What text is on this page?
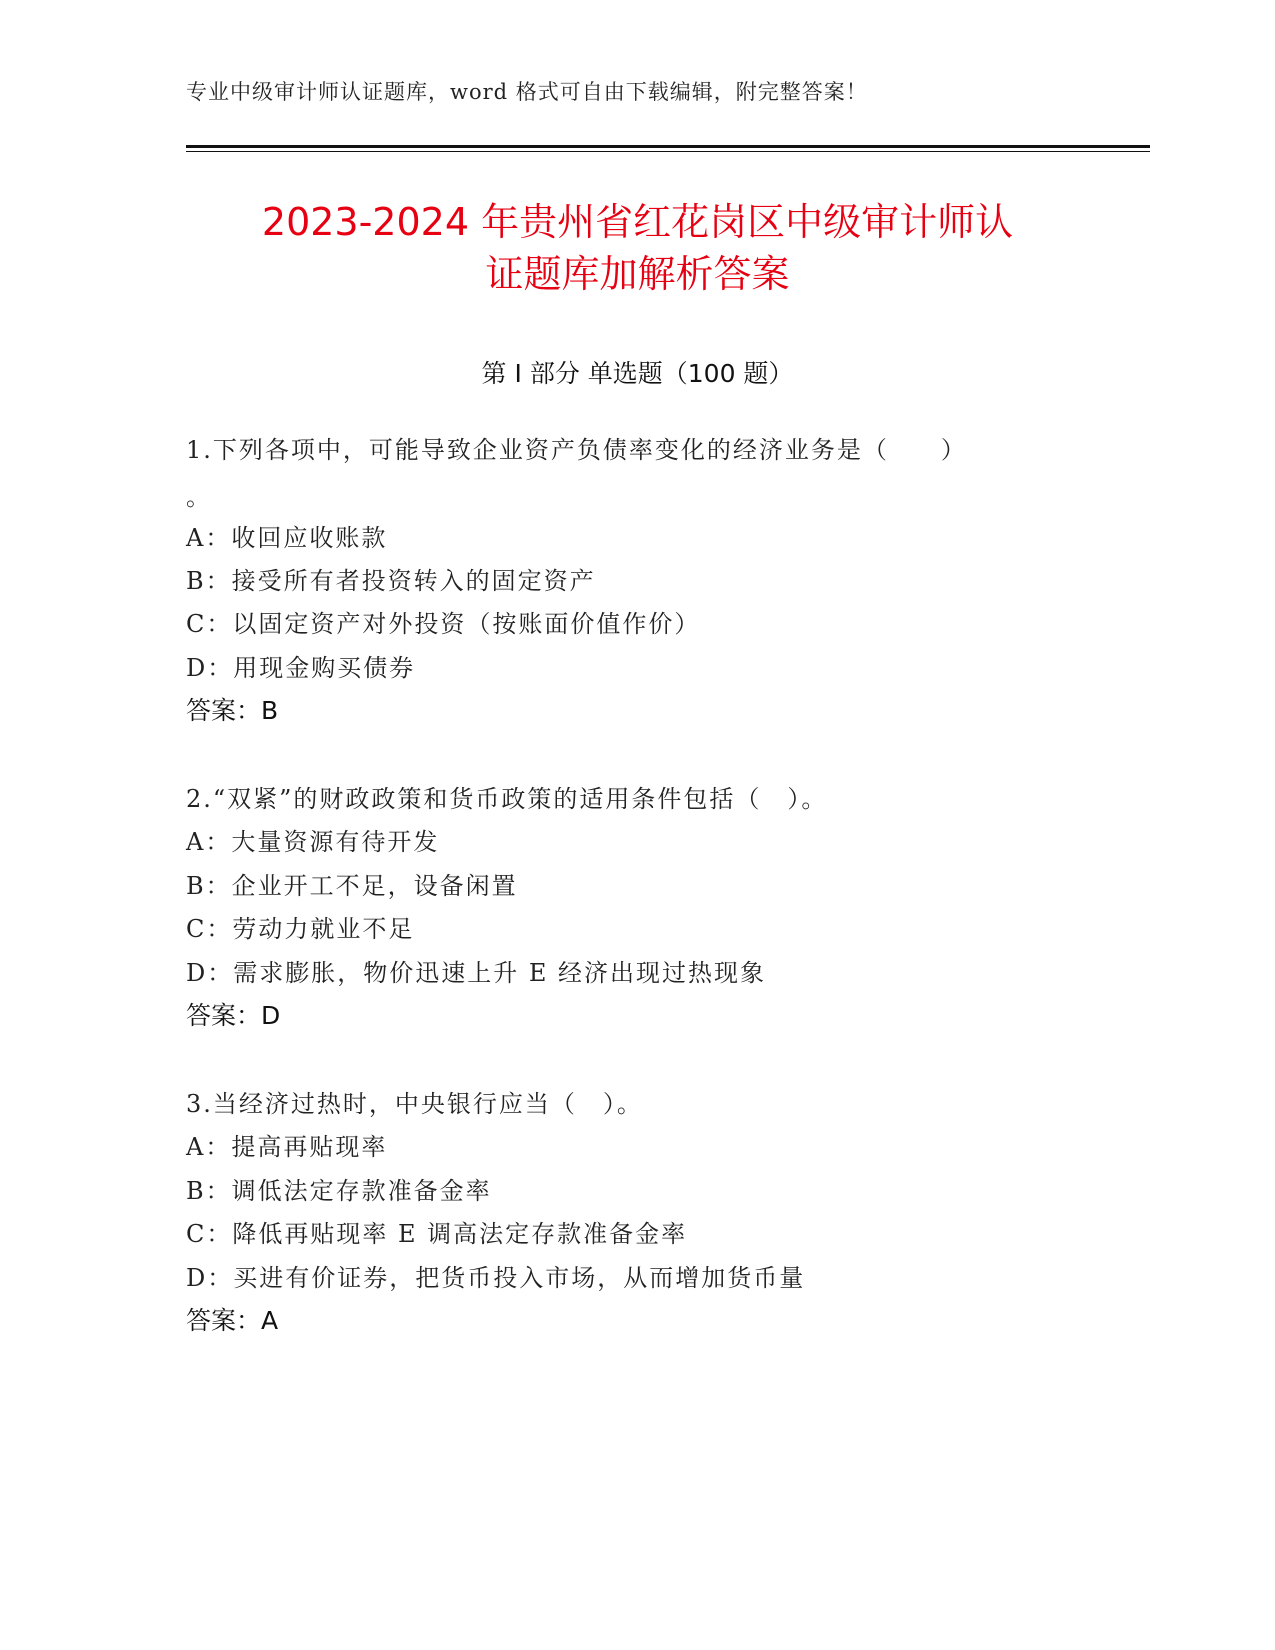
专业中级审计师认证题库，word 格式可自由下载编辑，附完整答案！
2023-2024 年贵州省红花岗区中级审计师认
证题库加解析答案
第 I 部分 单选题（100 题）
1.下列各项中，可能导致企业资产负债率变化的经济业务是（　　）
。
A：收回应收账款
B：接受所有者投资转入的固定资产
C：以固定资产对外投资（按账面价值作价）
D：用现金购买债券
答案：B
2.“双紧”的财政政策和货币政策的适用条件包括（　）。
A：大量资源有待开发
B：企业开工不足，设备闲置
C：劳动力就业不足
D：需求膨胀，物价迅速上升 E 经济出现过热现象
答案：D
3.当经济过热时，中央银行应当（　）。
A：提高再贴现率
B：调低法定存款准备金率
C：降低再贴现率 E 调高法定存款准备金率
D：买进有价证券，把货币投入市场，从而增加货币量
答案：A
